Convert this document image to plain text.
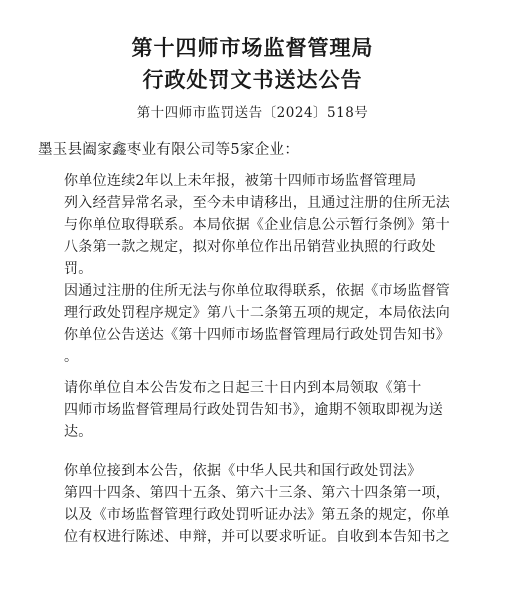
第十四师市场监督管理局
行政处罚文书送达公告
第十四师市监罚送告〔2024〕518号

墨玉县阖家鑫枣业有限公司等5家企业：

你单位连续2年以上未年报，被第十四师市场监督管理局
列入经营异常名录，至今未申请移出，且通过注册的住所无法
与你单位取得联系。本局依据《企业信息公示暂行条例》第十
八条第一款之规定，拟对你单位作出吊销营业执照的行政处罚。
因通过注册的住所无法与你单位取得联系，依据《市场监督管
理行政处罚程序规定》第八十二条第五项的规定，本局依法向
你单位公告送达《第十四师市场监督管理局行政处罚告知书》
。

请你单位自本公告发布之日起三十日内到本局领取《第十
四师市场监督管理局行政处罚告知书》，逾期不领取即视为送
达。

你单位接到本公告，依据《中华人民共和国行政处罚法》
第四十四条、第四十五条、第六十三条、第六十四条第一项，
以及《市场监督管理行政处罚听证办法》第五条的规定，你单
位有权进行陈述、申辩，并可以要求听证。自收到本告知书之
